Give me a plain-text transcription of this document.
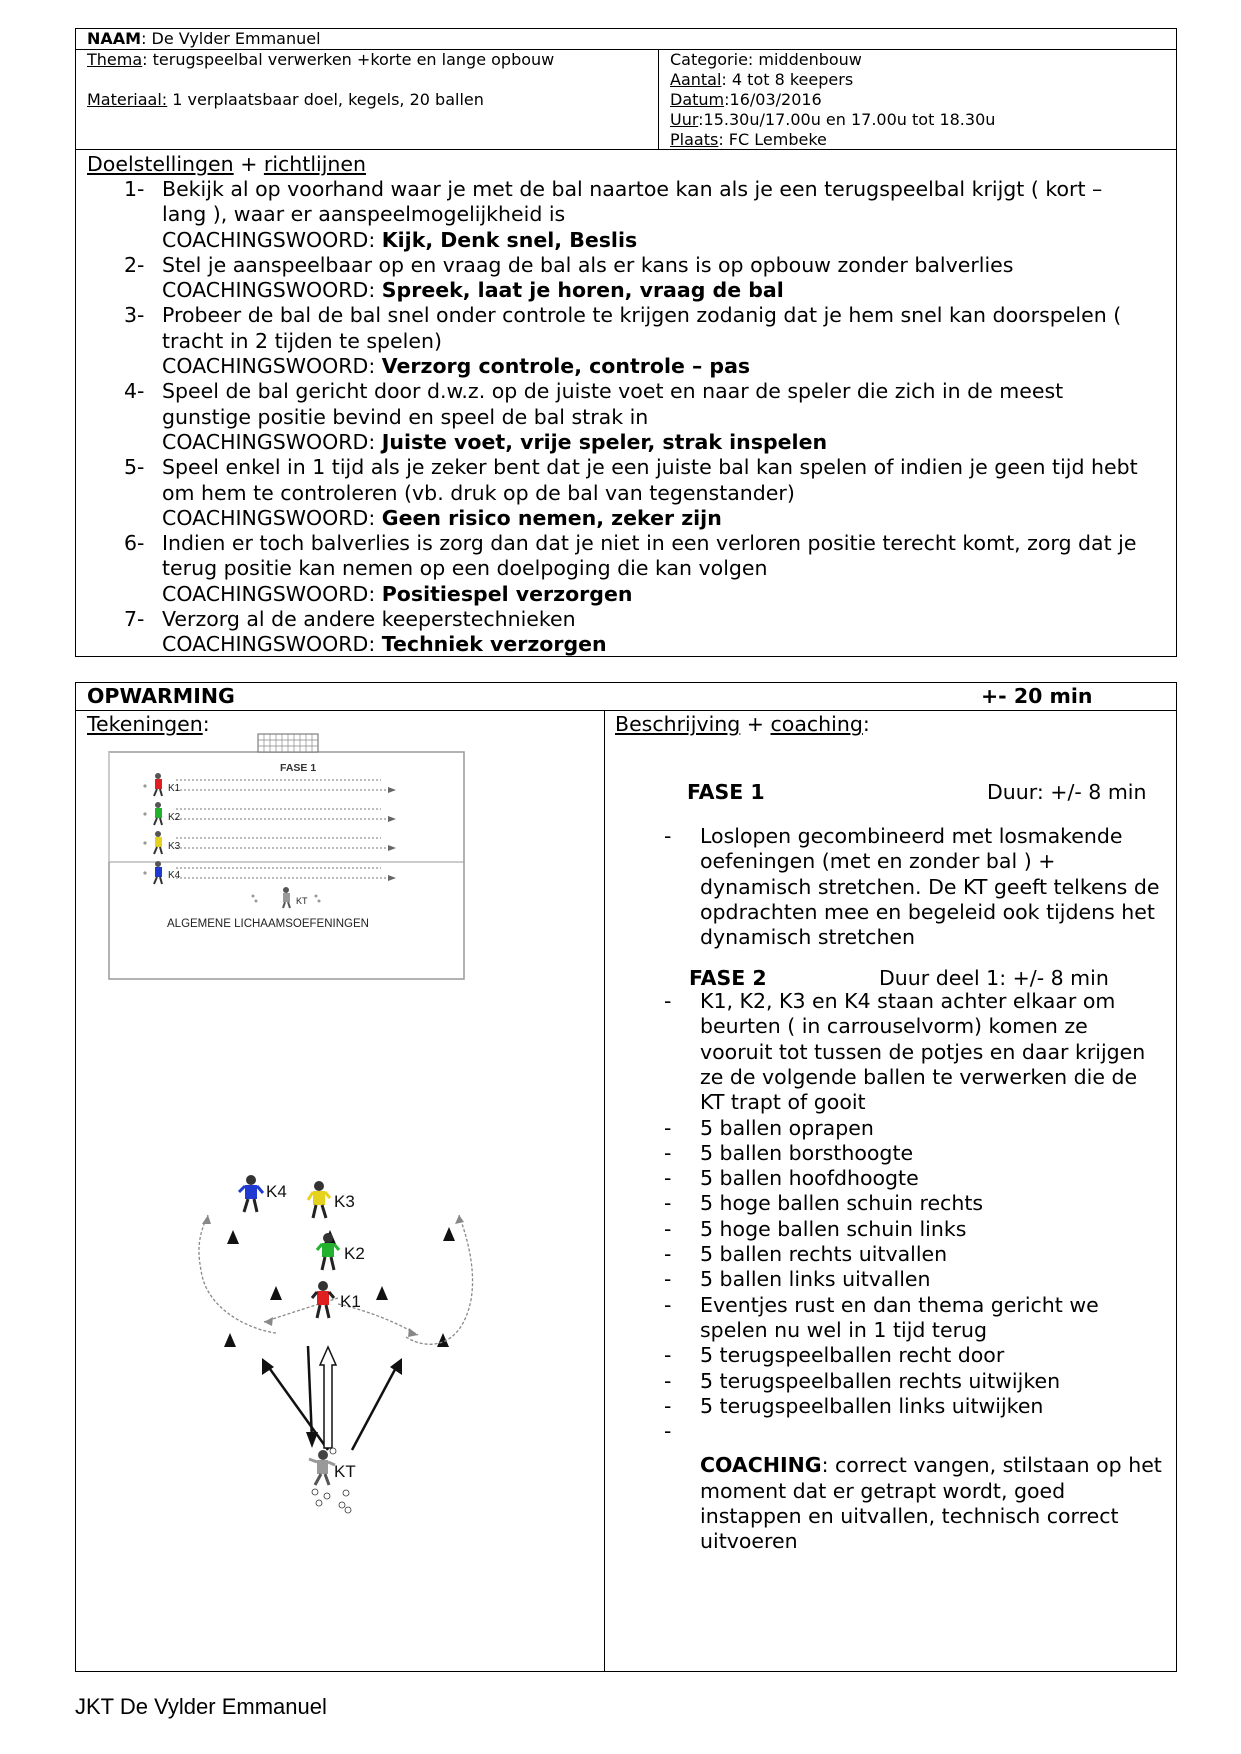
NAAM: De Vylder Emmanuel
Thema: terugspeelbal verwerken +korte en lange opbouw
Materiaal: 1 verplaatsbaar doel, kegels, 20 ballen
Categorie: middenbouw
Aantal: 4 tot 8 keepers
Datum:16/03/2016
Uur:15.30u/17.00u en 17.00u tot 18.30u
Plaats: FC Lembeke
Doelstellingen + richtlijnen
1- Bekijk al op voorhand waar je met de bal naartoe kan als je een terugspeelbal krijgt ( kort –
lang ), waar er aanspeelmogelijkheid is
COACHINGSWOORD: Kijk, Denk snel, Beslis
2- Stel je aanspeelbaar op en vraag de bal als er kans is op opbouw zonder balverlies
COACHINGSWOORD: Spreek, laat je horen, vraag de bal
3- Probeer de bal de bal snel onder controle te krijgen zodanig dat je hem snel kan doorspelen (
tracht in 2 tijden te spelen)
COACHINGSWOORD: Verzorg controle, controle – pas
4- Speel de bal gericht door d.w.z. op de juiste voet en naar de speler die zich in de meest
gunstige positie bevind en speel de bal strak in
COACHINGSWOORD: Juiste voet, vrije speler, strak inspelen
5- Speel enkel in 1 tijd als je zeker bent dat je een juiste bal kan spelen of indien je geen tijd hebt
om hem te controleren (vb. druk op de bal van tegenstander)
COACHINGSWOORD: Geen risico nemen, zeker zijn
6- Indien er toch balverlies is zorg dan dat je niet in een verloren positie terecht komt, zorg dat je
terug positie kan nemen op een doelpoging die kan volgen
COACHINGSWOORD: Positiespel verzorgen
7- Verzorg al de andere keeperstechnieken
COACHINGSWOORD: Techniek verzorgen
OPWARMING	+- 20 min
Tekeningen:
FASE 1
K1
K2
K3
K4
KT
ALGEMENE LICHAAMSOEFENINGEN
K4
K3
K2
K1
KT
Beschrijving + coaching:
FASE 1	Duur: +/- 8 min
-	Loslopen gecombineerd met losmakende
oefeningen (met en zonder bal ) +
dynamisch stretchen. De KT geeft telkens de
opdrachten mee en begeleid ook tijdens het
dynamisch stretchen
FASE 2	Duur deel 1: +/- 8 min
-	K1, K2, K3 en K4 staan achter elkaar om
beurten ( in carrouselvorm) komen ze
vooruit tot tussen de potjes en daar krijgen
ze de volgende ballen te verwerken die de
KT trapt of gooit
-	5 ballen oprapen
-	5 ballen borsthoogte
-	5 ballen hoofdhoogte
-	5 hoge ballen schuin rechts
-	5 hoge ballen schuin links
-	5 ballen rechts uitvallen
-	5 ballen links uitvallen
-	Eventjes rust en dan thema gericht we
spelen nu wel in 1 tijd terug
-	5 terugspeelballen recht door
-	5 terugspeelballen rechts uitwijken
-	5 terugspeelballen links uitwijken
-
COACHING: correct vangen, stilstaan op het
moment dat er getrapt wordt, goed
instappen en uitvallen, technisch correct
uitvoeren
JKT De Vylder Emmanuel
